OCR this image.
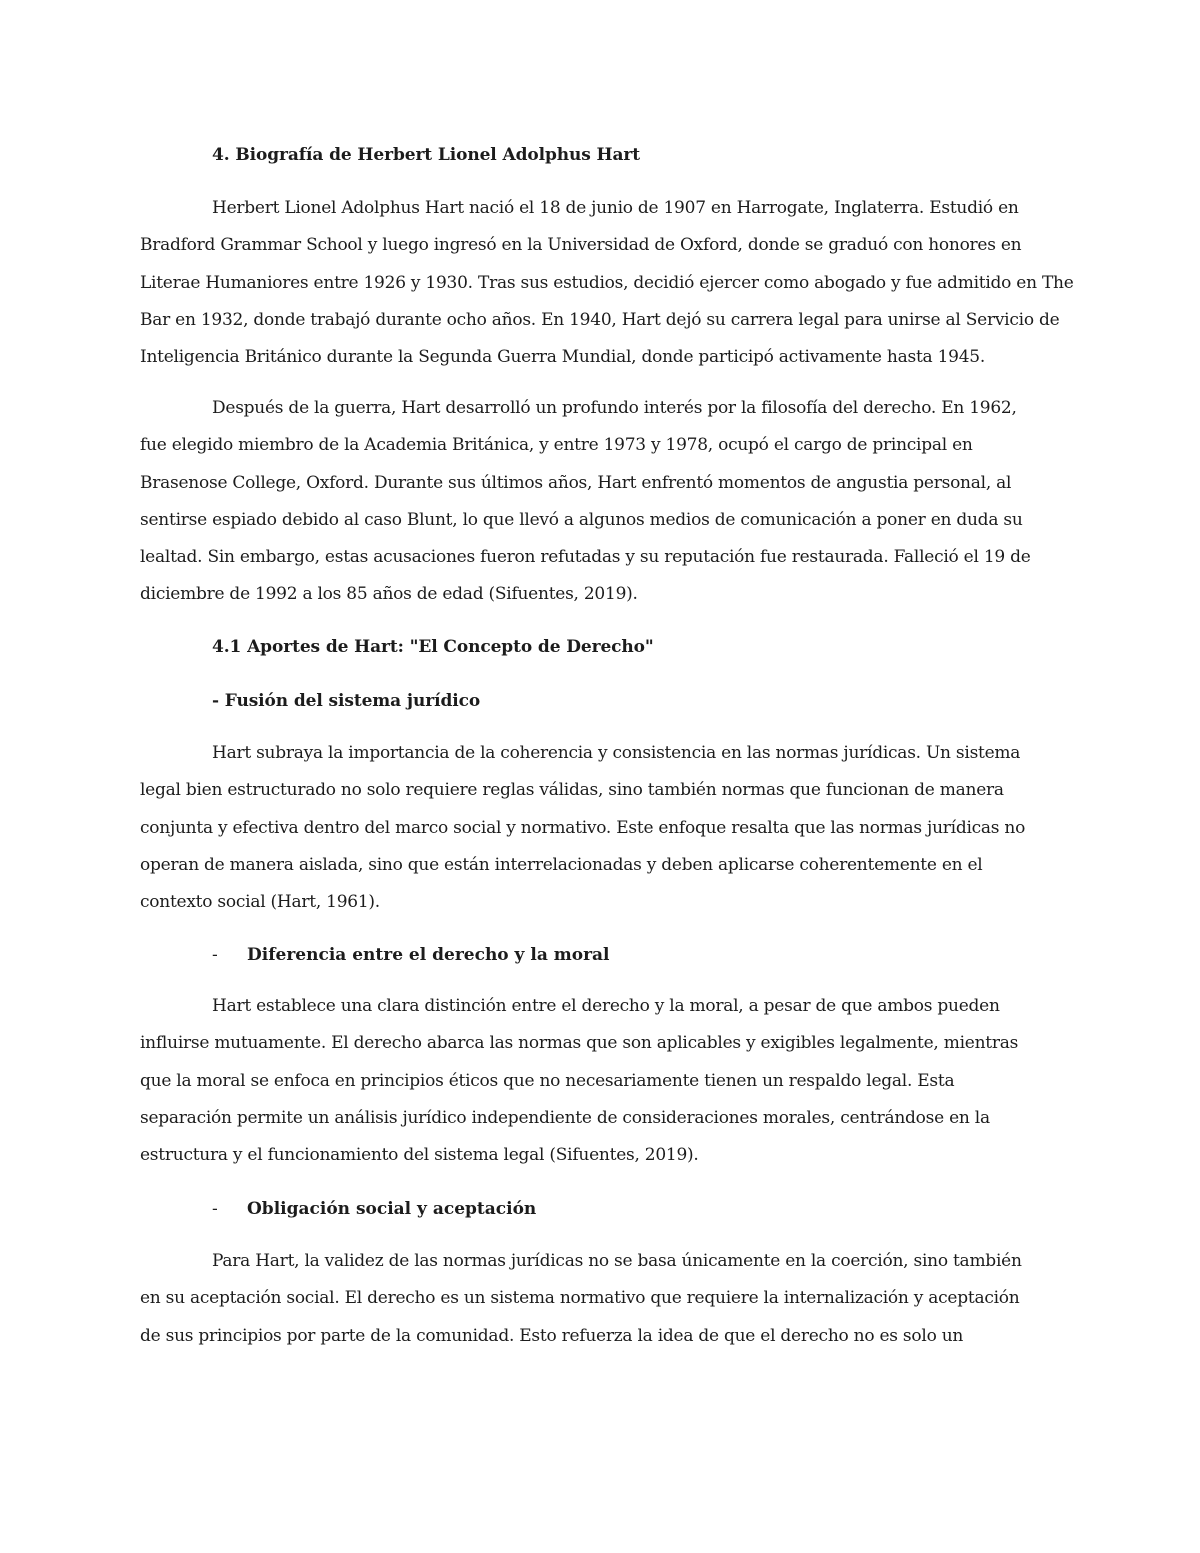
4. Biografía de Herbert Lionel Adolphus Hart
Herbert Lionel Adolphus Hart nació el 18 de junio de 1907 en Harrogate, Inglaterra. Estudió en
Bradford Grammar School y luego ingresó en la Universidad de Oxford, donde se graduó con honores en
Literae Humaniores entre 1926 y 1930. Tras sus estudios, decidió ejercer como abogado y fue admitido en The
Bar en 1932, donde trabajó durante ocho años. En 1940, Hart dejó su carrera legal para unirse al Servicio de
Inteligencia Británico durante la Segunda Guerra Mundial, donde participó activamente hasta 1945.
Después de la guerra, Hart desarrolló un profundo interés por la filosofía del derecho. En 1962,
fue elegido miembro de la Academia Británica, y entre 1973 y 1978, ocupó el cargo de principal en
Brasenose College, Oxford. Durante sus últimos años, Hart enfrentó momentos de angustia personal, al
sentirse espiado debido al caso Blunt, lo que llevó a algunos medios de comunicación a poner en duda su
lealtad. Sin embargo, estas acusaciones fueron refutadas y su reputación fue restaurada. Falleció el 19 de
diciembre de 1992 a los 85 años de edad (Sifuentes, 2019).
4.1 Aportes de Hart: "El Concepto de Derecho"
- Fusión del sistema jurídico
Hart subraya la importancia de la coherencia y consistencia en las normas jurídicas. Un sistema
legal bien estructurado no solo requiere reglas válidas, sino también normas que funcionan de manera
conjunta y efectiva dentro del marco social y normativo. Este enfoque resalta que las normas jurídicas no
operan de manera aislada, sino que están interrelacionadas y deben aplicarse coherentemente en el
contexto social (Hart, 1961).
- Diferencia entre el derecho y la moral
Hart establece una clara distinción entre el derecho y la moral, a pesar de que ambos pueden
influirse mutuamente. El derecho abarca las normas que son aplicables y exigibles legalmente, mientras
que la moral se enfoca en principios éticos que no necesariamente tienen un respaldo legal. Esta
separación permite un análisis jurídico independiente de consideraciones morales, centrándose en la
estructura y el funcionamiento del sistema legal (Sifuentes, 2019).
- Obligación social y aceptación
Para Hart, la validez de las normas jurídicas no se basa únicamente en la coerción, sino también
en su aceptación social. El derecho es un sistema normativo que requiere la internalización y aceptación
de sus principios por parte de la comunidad. Esto refuerza la idea de que el derecho no es solo un
